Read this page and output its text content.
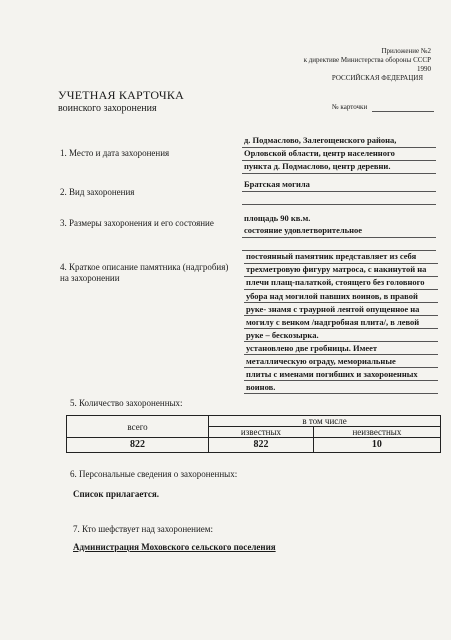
Приложение №2
к директиве Министерства обороны СССР
1990
РОССИЙСКАЯ ФЕДЕРАЦИЯ
УЧЕТНАЯ КАРТОЧКА
воинского захоронения	№ карточки
1. Место и дата захоронения
д. Подмаслово, Залегощенского района,
Орловской области, центр населенного
пункта д. Подмаслово, центр деревни.
2. Вид захоронения
Братская могила
3. Размеры захоронения и его состояние	площадь 90 кв.м.
состояние удовлетворительное
4. Краткое описание памятника (надгробия)
на захоронении
постоянный памятник представляет из себя
трехметровую фигуру матроса, с накинутой на
плечи плащ-палаткой, стоящего без головного
убора над могилой павших воинов, в правой
руке- знамя с траурной лентой опущенное на
могилу с венком /надгробная плита/, в левой
руке – бескозырка.
установлено две гробницы. Имеет
металлическую ограду, мемориальные
плиты с именами погибших и захороненных
воинов.
5. Количество захороненных:
всего	в том числе	
	известных	неизвестных
822	822	10
6. Персональные сведения о захороненных:
Список прилагается.
7. Кто шефствует над захоронением:
Администрация Моховского сельского поселения
